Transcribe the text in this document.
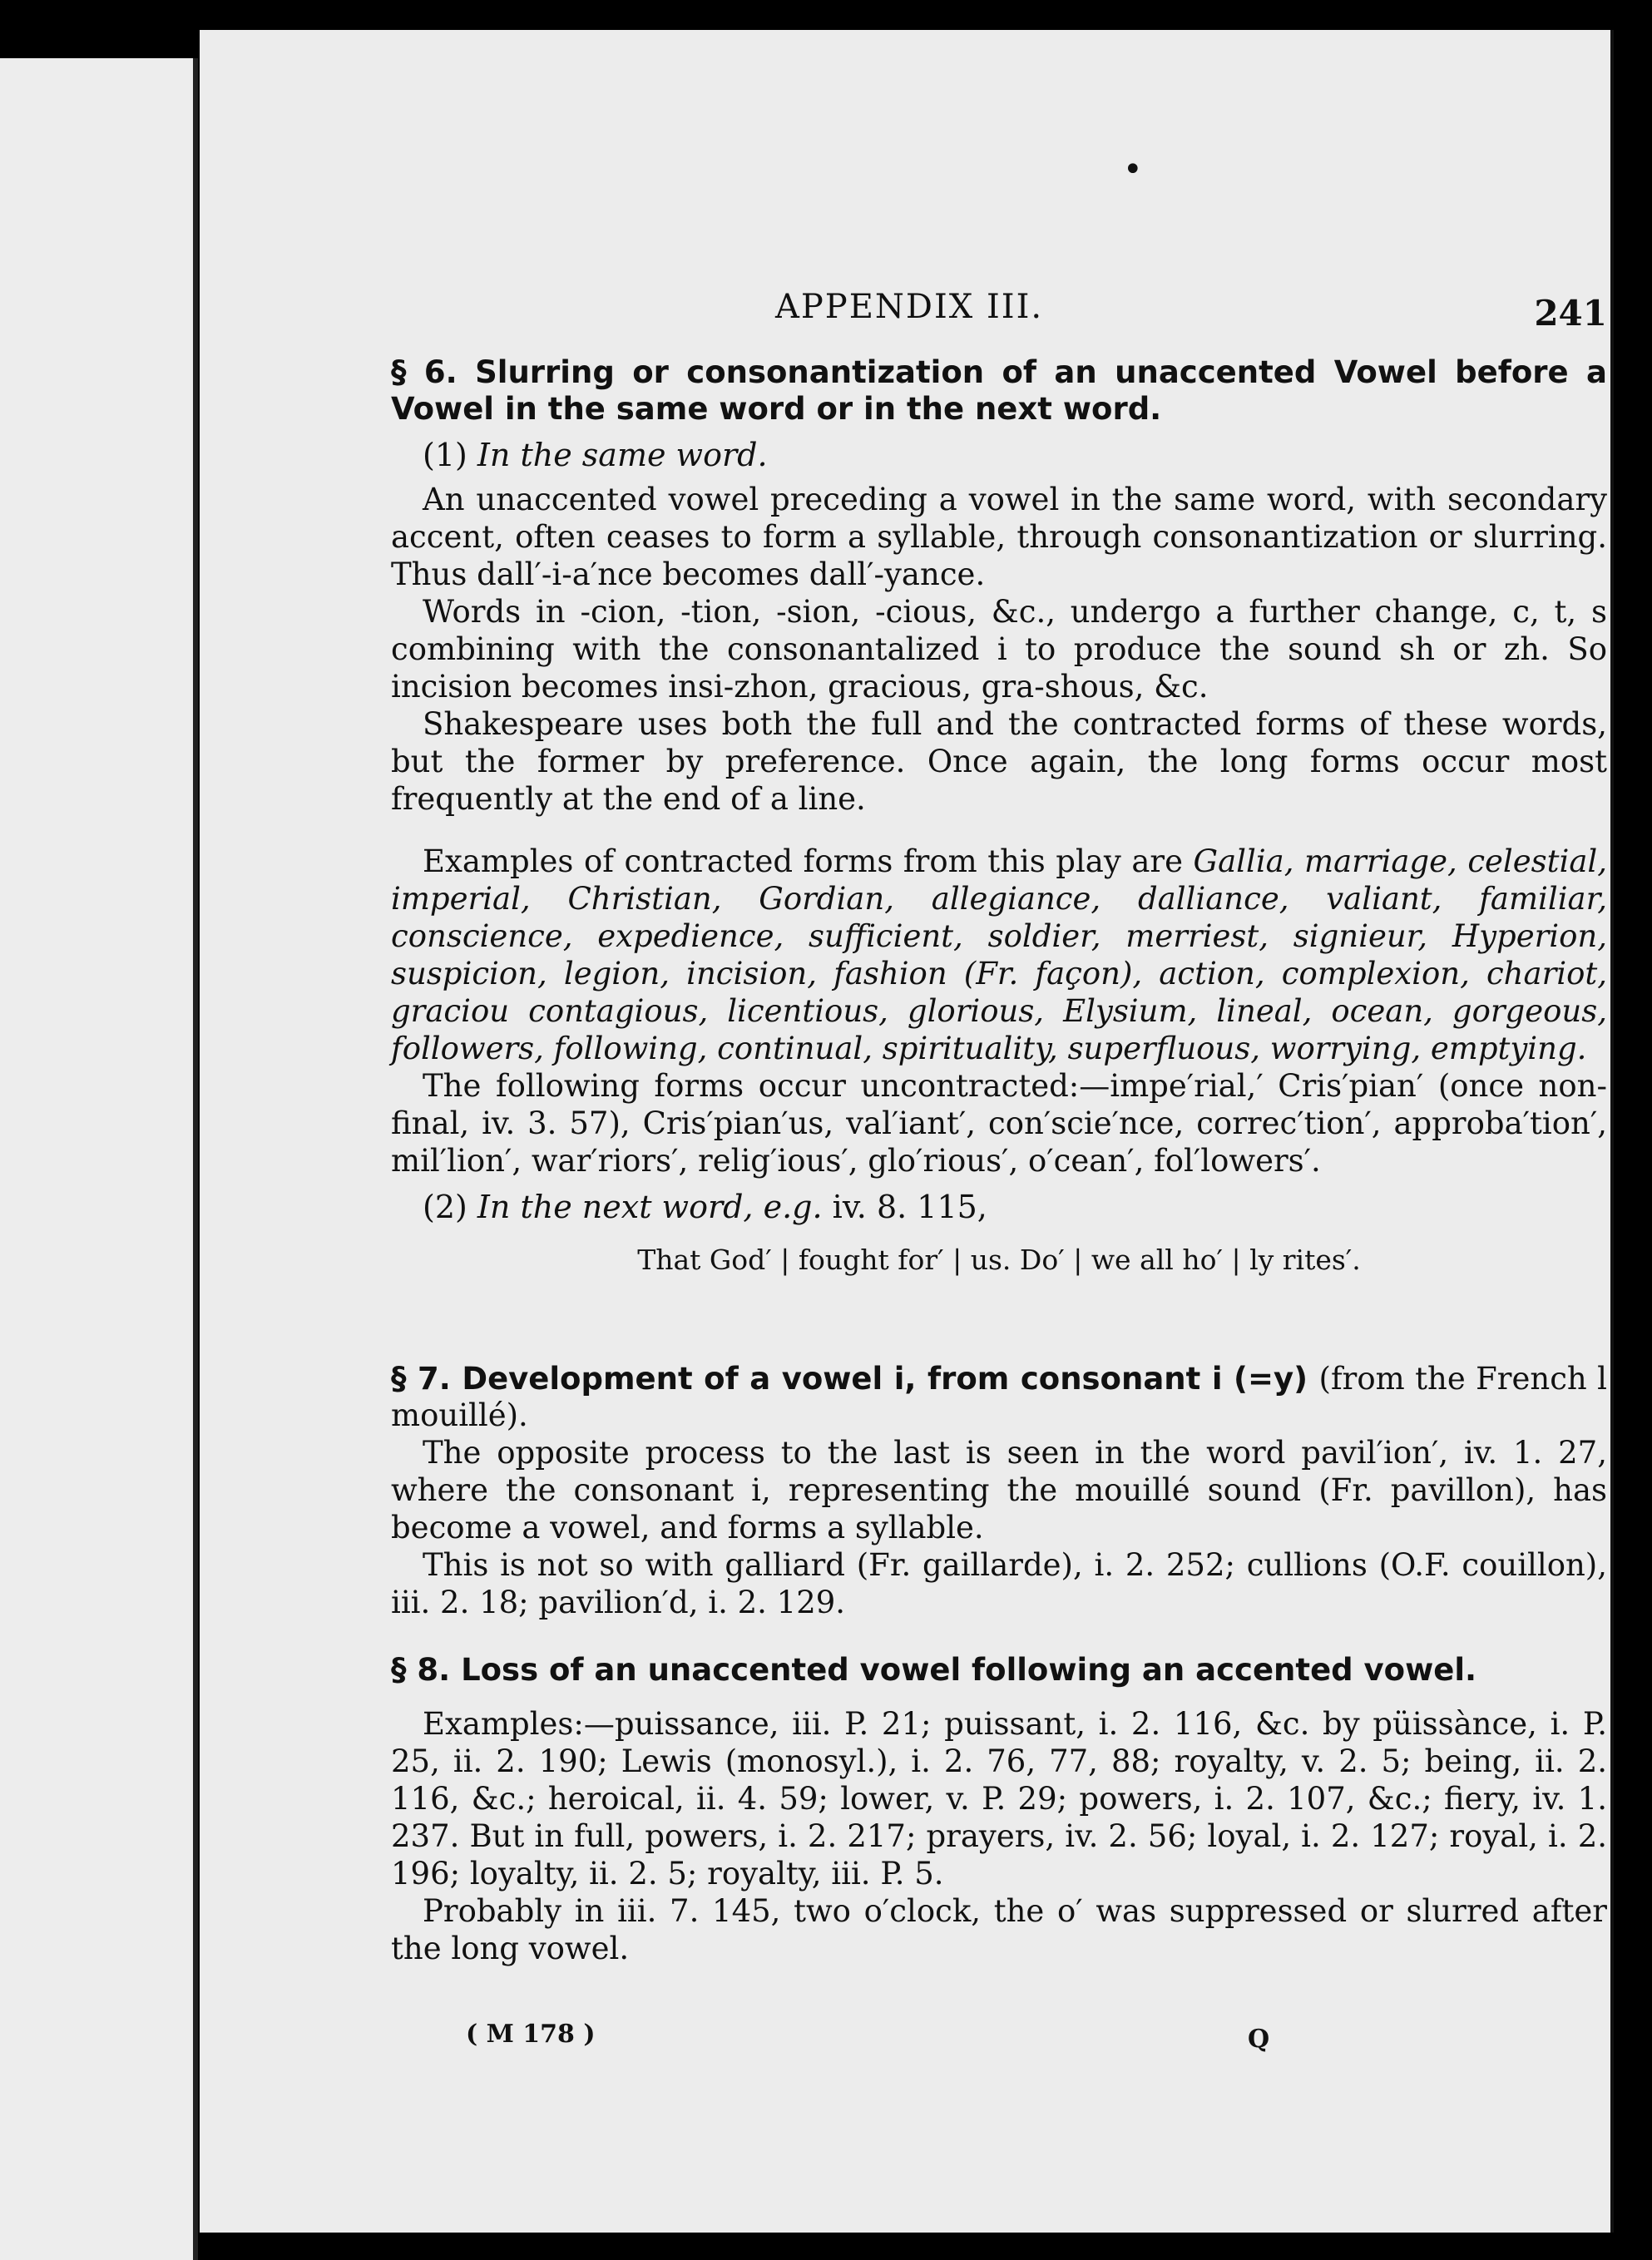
•
APPENDIX III.	241
§ 6. Slurring or consonantization of an unaccented Vowel before a Vowel in the same word or in the next word.
(1) In the same word.

An unaccented vowel preceding a vowel in the same word, with secondary accent, often ceases to form a syllable, through consonantization or slurring. Thus dall′-i-a′nce becomes dall′-yance.

Words in -cion, -tion, -sion, -cious, &c., undergo a further change, c, t, s combining with the consonantalized i to produce the sound sh or zh. So incision becomes insi-zhon, gracious, gra-shous, &c.

Shakespeare uses both the full and the contracted forms of these words, but the former by preference. Once again, the long forms occur most frequently at the end of a line.

Examples of contracted forms from this play are Gallia, marriage, celestial, imperial, Christian, Gordian, allegiance, dalliance, valiant, familiar, conscience, expedience, sufficient, soldier, merriest, signieur, Hyperion, suspicion, legion, incision, fashion (Fr. façon), action, complexion, chariot, graciou contagious, licentious, glorious, Elysium, lineal, ocean, gorgeous, followers, following, continual, spirituality, superfluous, worrying, emptying.

The following forms occur uncontracted:—impe′rial,′ Cris′pian′ (once non-final, iv. 3. 57), Cris′pian′us, val′iant′, con′scie′nce, correc′tion′, approba′tion′, mil′lion′, war′riors′, relig′ious′, glo′rious′, o′cean′, fol′lowers′.

(2) In the next word, e.g. iv. 8. 115,

That God′ | fought for′ | us. Do′ | we all ho′ | ly rites′.

§ 7. Development of a vowel i, from consonant i (=y) (from the French l mouillé).

The opposite process to the last is seen in the word pavil′ion′, iv. 1. 27, where the consonant i, representing the mouillé sound (Fr. pavillon), has become a vowel, and forms a syllable.

This is not so with galliard (Fr. gaillarde), i. 2. 252; cullions (O.F. couillon), iii. 2. 18; pavilion′d, i. 2. 129.

§ 8. Loss of an unaccented vowel following an accented vowel.

Examples:—puissance, iii. P. 21; puissant, i. 2. 116, &c. by püissànce, i. P. 25, ii. 2. 190; Lewis (monosyl.), i. 2. 76, 77, 88; royalty, v. 2. 5; being, ii. 2. 116, &c.; heroical, ii. 4. 59; lower, v. P. 29; powers, i. 2. 107, &c.; fiery, iv. 1. 237. But in full, powers, i. 2. 217; prayers, iv. 2. 56; loyal, i. 2. 127; royal, i. 2. 196; loyalty, ii. 2. 5; royalty, iii. P. 5.

Probably in iii. 7. 145, two o′clock, the o′ was suppressed or slurred after the long vowel.

( M 178 )	Q
